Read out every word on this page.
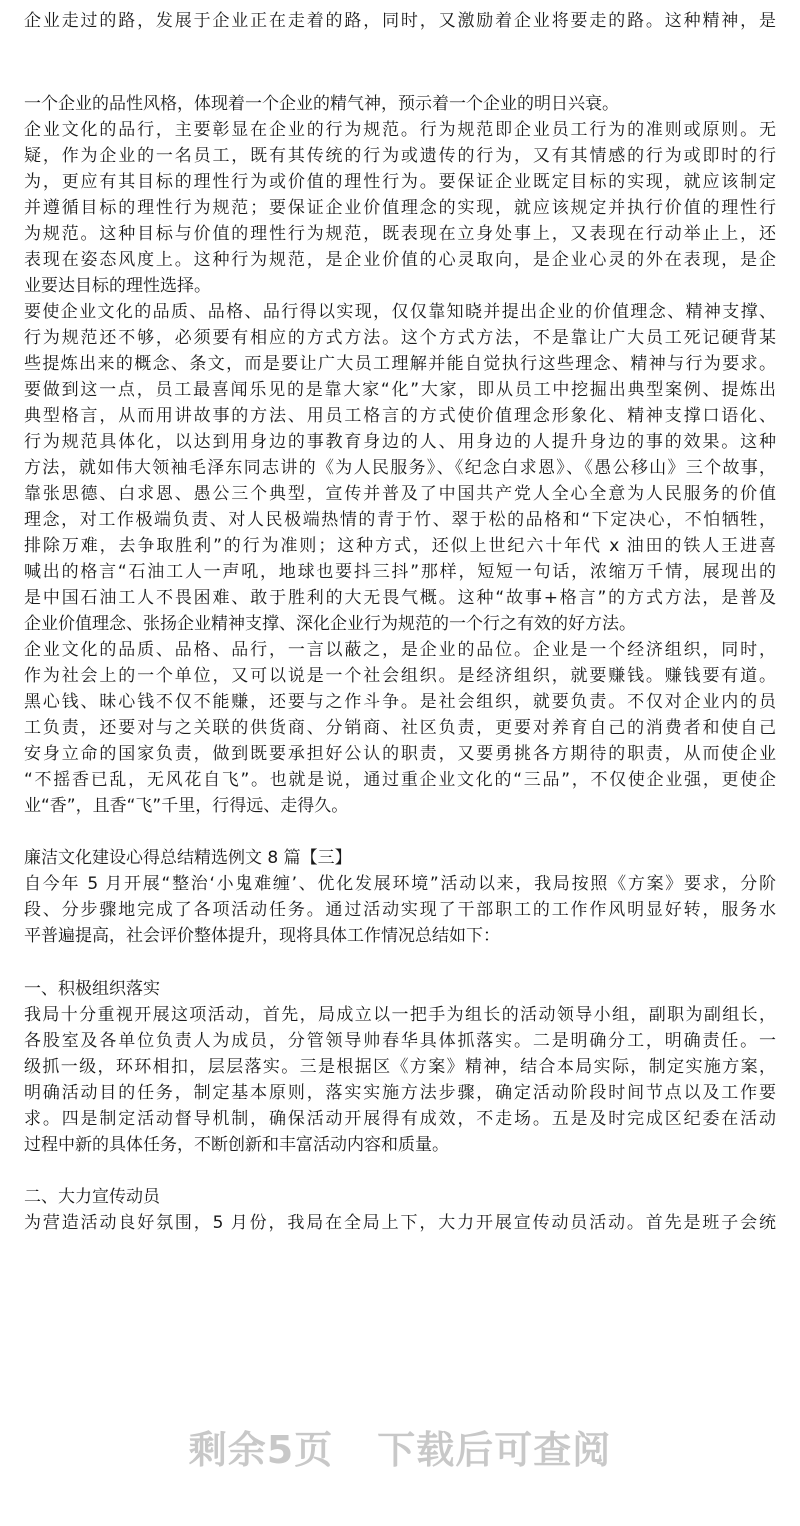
企业走过的路，发展于企业正在走着的路，同时，又激励着企业将要走的路。这种精神，是
一个企业的品性风格，体现着一个企业的精气神，预示着一个企业的明日兴衰。
企业文化的品行，主要彰显在企业的行为规范。行为规范即企业员工行为的准则或原则。无
疑，作为企业的一名员工，既有其传统的行为或遗传的行为，又有其情感的行为或即时的行
为，更应有其目标的理性行为或价值的理性行为。要保证企业既定目标的实现，就应该制定
并遵循目标的理性行为规范；要保证企业价值理念的实现，就应该规定并执行价值的理性行
为规范。这种目标与价值的理性行为规范，既表现在立身处事上，又表现在行动举止上，还
表现在姿态风度上。这种行为规范，是企业价值的心灵取向，是企业心灵的外在表现，是企
业要达目标的理性选择。
要使企业文化的品质、品格、品行得以实现，仅仅靠知晓并提出企业的价值理念、精神支撑、
行为规范还不够，必须要有相应的方式方法。这个方式方法，不是靠让广大员工死记硬背某
些提炼出来的概念、条文，而是要让广大员工理解并能自觉执行这些理念、精神与行为要求。
要做到这一点，员工最喜闻乐见的是靠大家“化”大家，即从员工中挖掘出典型案例、提炼出
典型格言，从而用讲故事的方法、用员工格言的方式使价值理念形象化、精神支撑口语化、
行为规范具体化，以达到用身边的事教育身边的人、用身边的人提升身边的事的效果。这种
方法，就如伟大领袖毛泽东同志讲的《为人民服务》、《纪念白求恩》、《愚公移山》三个故事，
靠张思德、白求恩、愚公三个典型，宣传并普及了中国共产党人全心全意为人民服务的价值
理念，对工作极端负责、对人民极端热情的青于竹、翠于松的品格和“下定决心，不怕牺牲，
排除万难，去争取胜利”的行为准则；这种方式，还似上世纪六十年代 x 油田的铁人王进喜
喊出的格言“石油工人一声吼，地球也要抖三抖”那样，短短一句话，浓缩万千情，展现出的
是中国石油工人不畏困难、敢于胜利的大无畏气概。这种“故事+格言”的方式方法，是普及
企业价值理念、张扬企业精神支撑、深化企业行为规范的一个行之有效的好方法。
企业文化的品质、品格、品行，一言以蔽之，是企业的品位。企业是一个经济组织，同时，
作为社会上的一个单位，又可以说是一个社会组织。是经济组织，就要赚钱。赚钱要有道。
黑心钱、昧心钱不仅不能赚，还要与之作斗争。是社会组织，就要负责。不仅对企业内的员
工负责，还要对与之关联的供货商、分销商、社区负责，更要对养育自己的消费者和使自己
安身立命的国家负责，做到既要承担好公认的职责，又要勇挑各方期待的职责，从而使企业
“不摇香已乱，无风花自飞”。也就是说，通过重企业文化的“三品”，不仅使企业强，更使企
业“香”，且香“飞”千里，行得远、走得久。
廉洁文化建设心得总结精选例文 8 篇【三】
自今年 5 月开展“整治‘小鬼难缠’、优化发展环境”活动以来，我局按照《方案》要求，分阶
段、分步骤地完成了各项活动任务。通过活动实现了干部职工的工作作风明显好转，服务水
平普遍提高，社会评价整体提升，现将具体工作情况总结如下：
一、积极组织落实
我局十分重视开展这项活动，首先，局成立以一把手为组长的活动领导小组，副职为副组长，
各股室及各单位负责人为成员，分管领导帅春华具体抓落实。二是明确分工，明确责任。一
级抓一级，环环相扣，层层落实。三是根据区《方案》精神，结合本局实际，制定实施方案，
明确活动目的任务，制定基本原则，落实实施方法步骤，确定活动阶段时间节点以及工作要
求。四是制定活动督导机制，确保活动开展得有成效，不走场。五是及时完成区纪委在活动
过程中新的具体任务，不断创新和丰富活动内容和质量。
二、大力宣传动员
为营造活动良好氛围，5 月份，我局在全局上下，大力开展宣传动员活动。首先是班子会统
剩余5页 下载后可查阅
